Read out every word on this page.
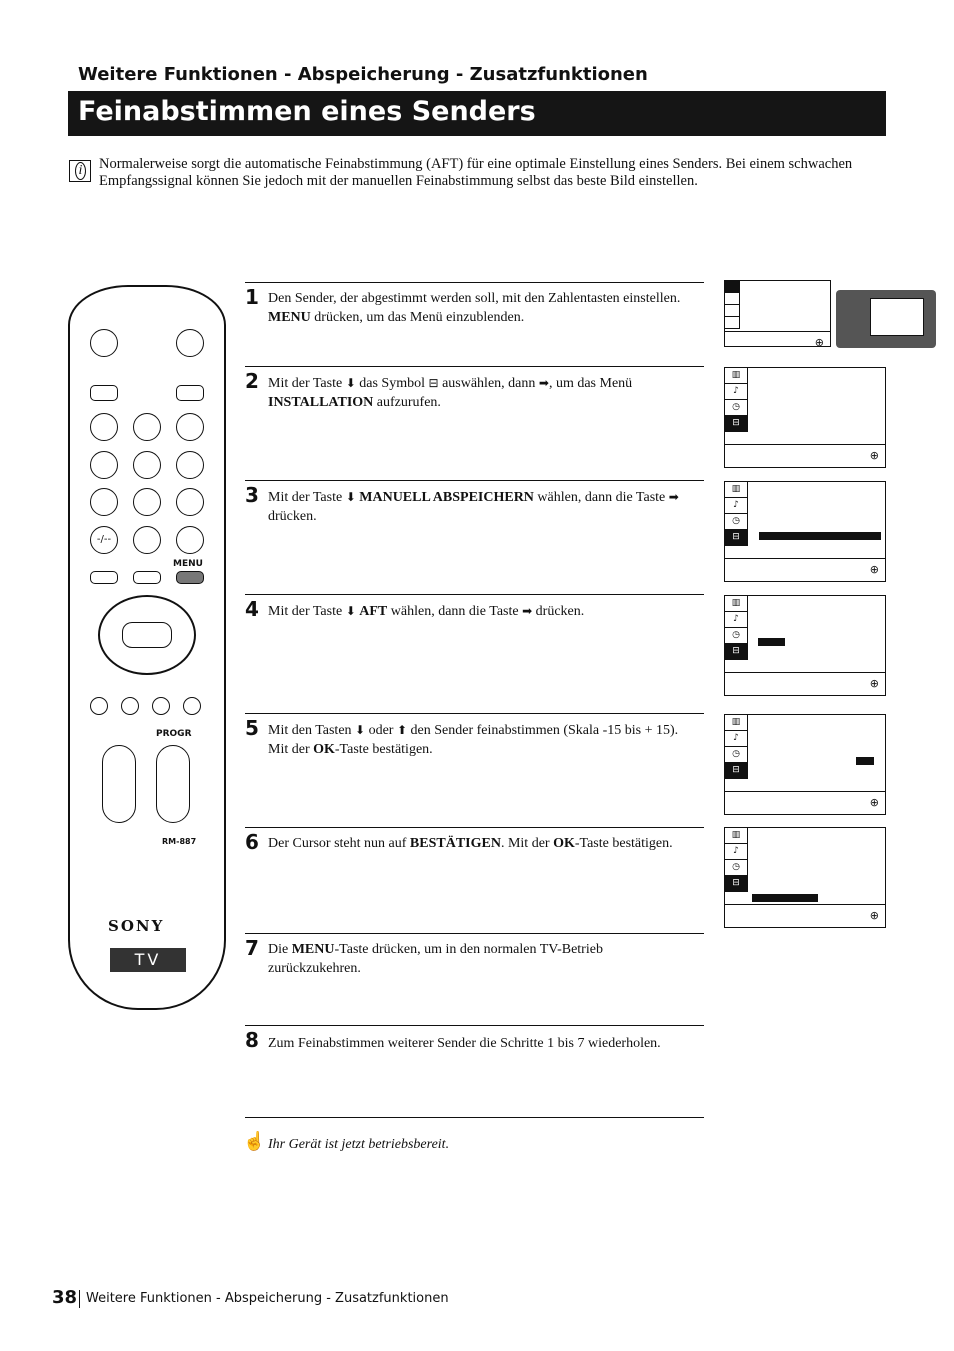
Weitere Funktionen - Abspeicherung - Zusatzfunktionen
Feinabstimmen eines Senders
i Normalerweise sorgt die automatische Feinabstimmung (AFT) für eine optimale Einstellung eines Senders. Bei einem schwachen Empfangssignal können Sie jedoch mit der manuellen Feinabstimmung selbst das beste Bild einstellen.
-/--
MENU
PROGR
RM-887
SONY
TV
1 Den Sender, der abgestimmt werden soll, mit den Zahlentasten einstellen. MENU drücken, um das Menü einzublenden.
2 Mit der Taste ⬇ das Symbol ⊟ auswählen, dann ➡, um das Menü INSTALLATION aufzurufen.
3 Mit der Taste ⬇ MANUELL ABSPEICHERN wählen, dann die Taste ➡ drücken.
4 Mit der Taste ⬇ AFT wählen, dann die Taste ➡ drücken.
5 Mit den Tasten ⬇ oder ⬆ den Sender feinabstimmen (Skala -15 bis + 15). Mit der OK-Taste bestätigen.
6 Der Cursor steht nun auf BESTÄTIGEN. Mit der OK-Taste bestätigen.
7 Die MENU-Taste drücken, um in den normalen TV-Betrieb zurückzukehren.
8 Zum Feinabstimmen weiterer Sender die Schritte 1 bis 7 wiederholen.
☝ Ihr Gerät ist jetzt betriebsbereit.
⊕
▥
♪
◷
⊟
⊕
▥
♪
◷
⊟
⊕
▥
♪
◷
⊟
⊕
▥
♪
◷
⊟
⊕
▥
♪
◷
⊟
⊕
38 Weitere Funktionen - Abspeicherung - Zusatzfunktionen
